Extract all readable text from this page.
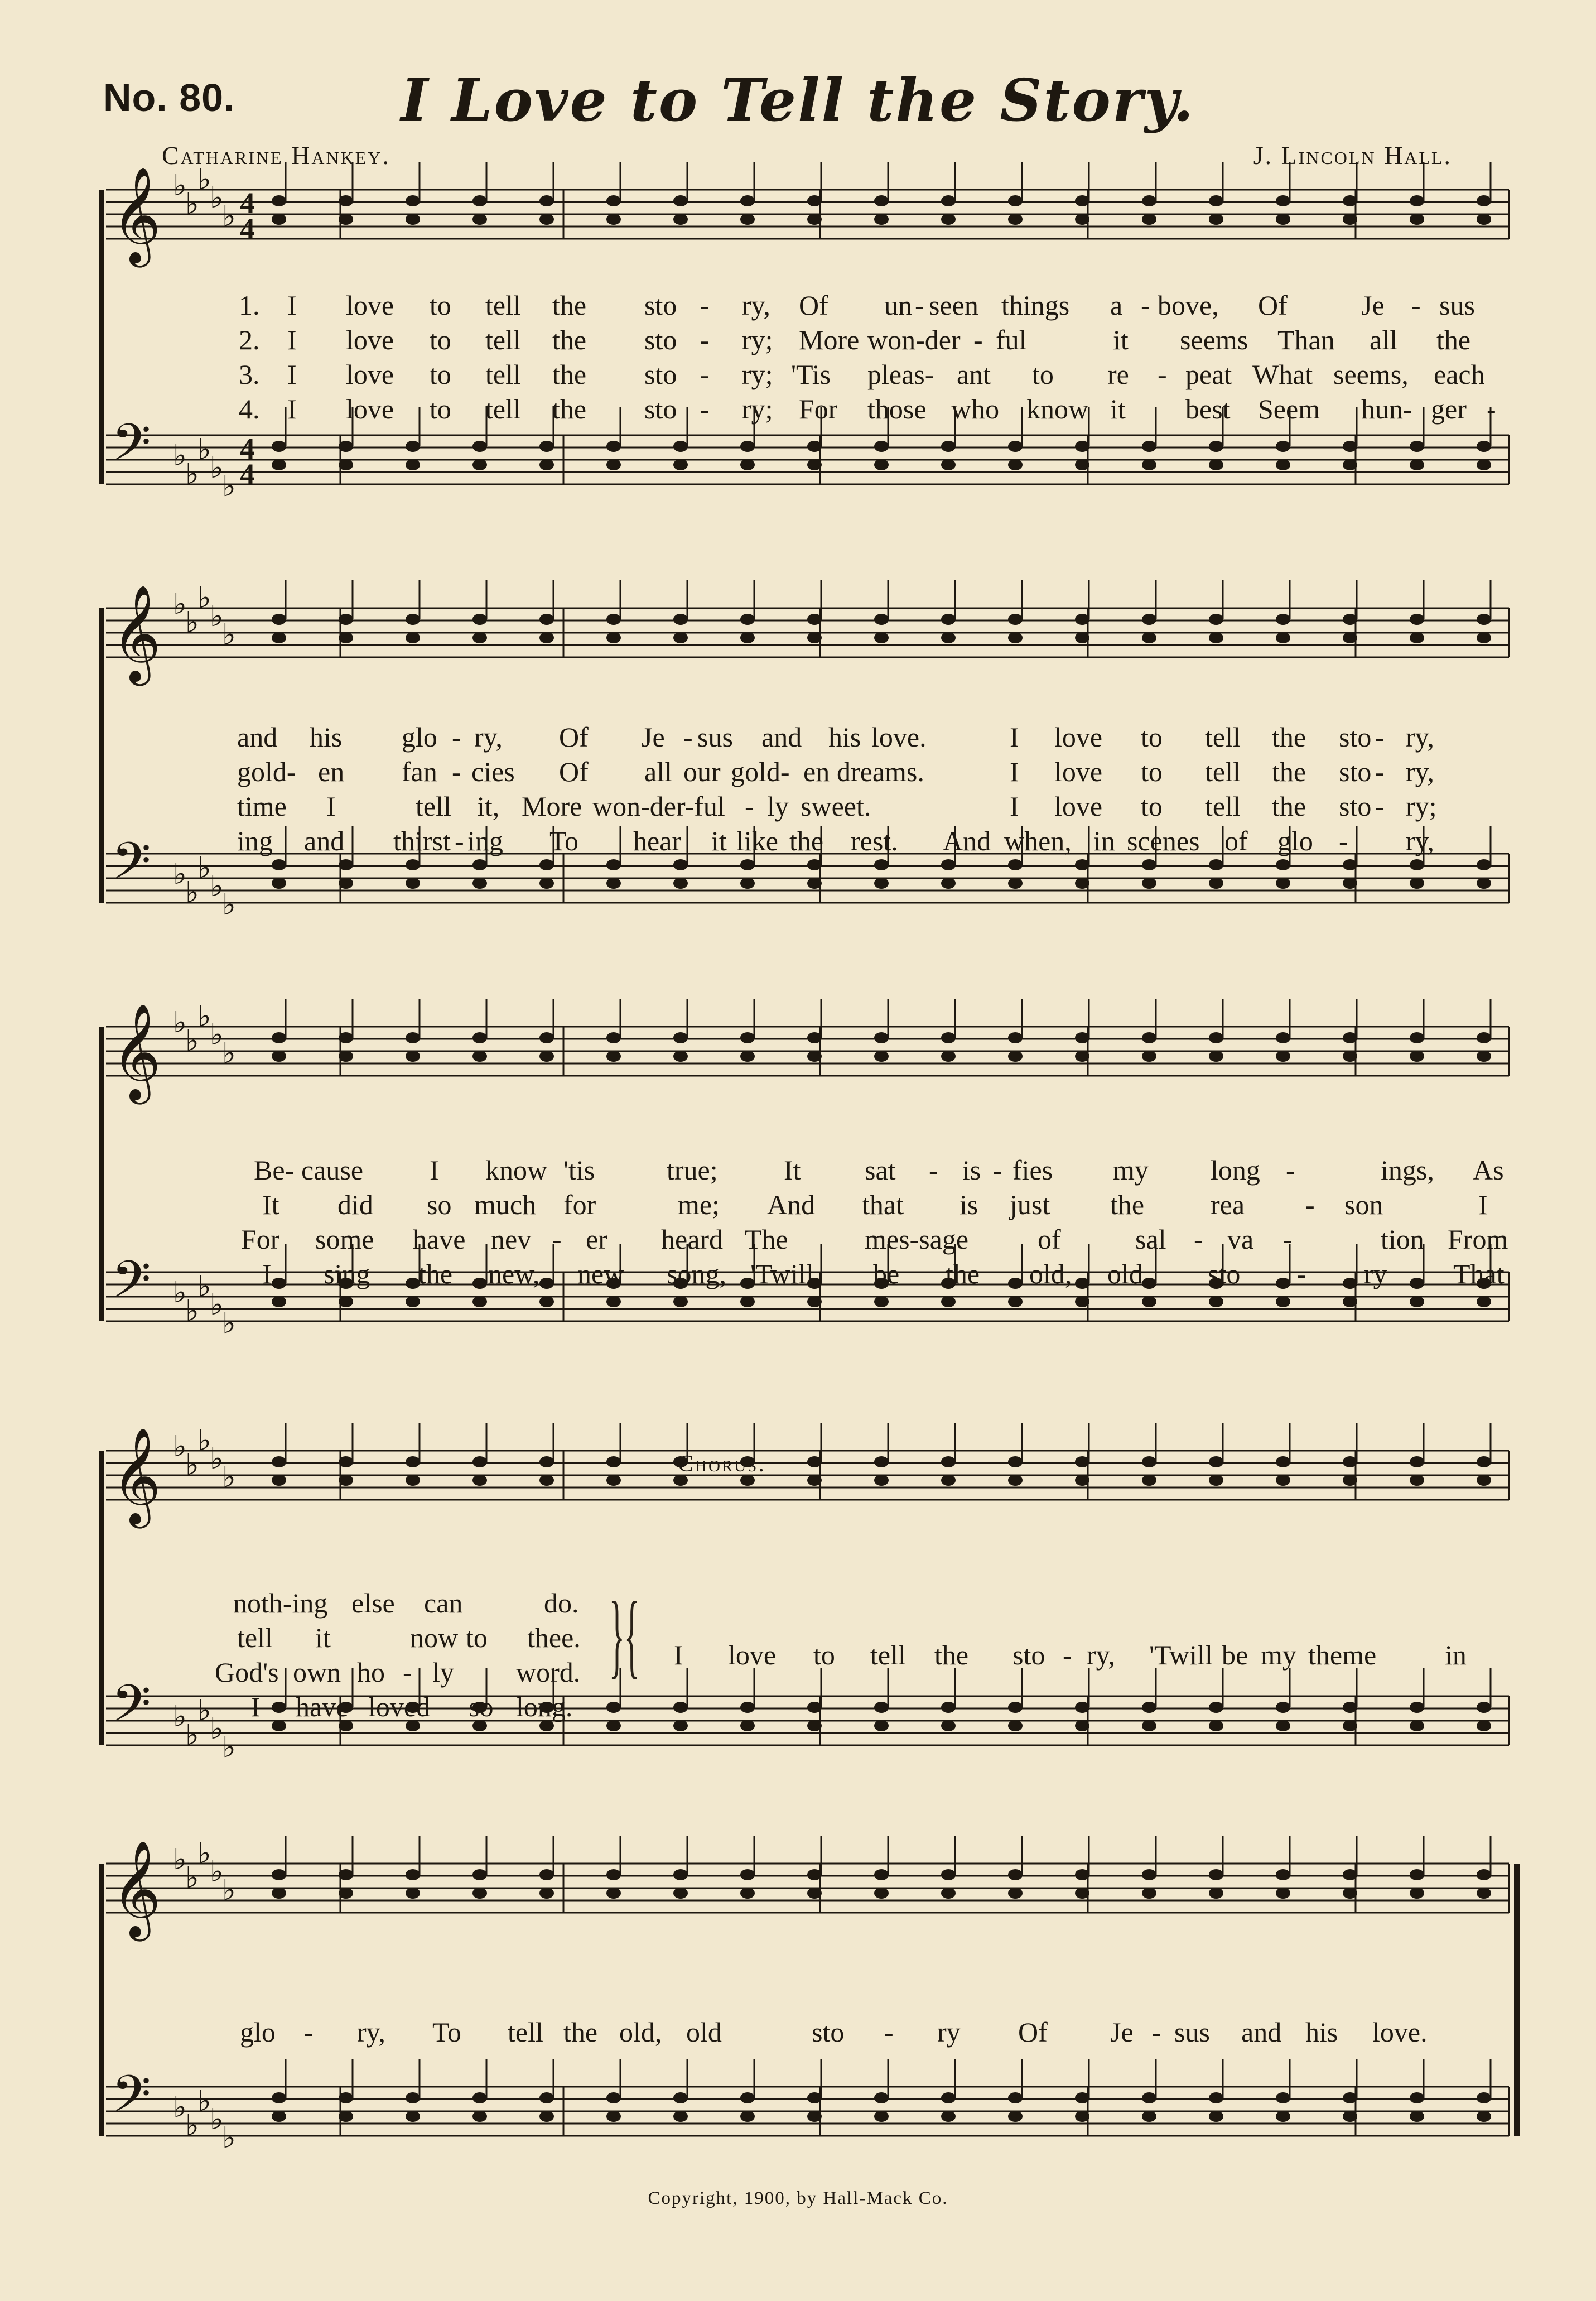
No. 80.	I Love to Tell the Story.
Catharine Hankey.	J. Lincoln Hall.
𝄞 ♭
♭
♭
♭
♭ 4
4
𝄢 ♭
♭
♭
♭
♭
4
4
𝄞 ♭
♭
♭
♭
♭
𝄢 ♭
♭
♭
♭
♭
𝄞 ♭
♭
♭
♭
♭
𝄢 ♭
♭
♭
♭
♭
𝄞 ♭
♭
♭
♭
♭
𝄢 ♭
♭
♭
♭
♭
𝄞 ♭
♭
♭
♭
♭
𝄢 ♭
♭
♭
♭
♭
1. I love to tell the sto - ry, Of un - seen things a - bove, Of	Je - sus
2. I love to tell the sto - ry; More won-der - ful	it seems Than all the
3. I love to tell the sto - ry; 'Tis pleas- ant to re - peat What seems, each
4. I love to tell the sto - ry; For those who know it best Seem hun- ger -
and his glo - ry, Of Je - sus and his love.	I love to tell the sto - ry,
gold- en fan - cies Of all our gold- en dreams.	I love to tell the sto - ry,
time I	tell it, More won-der-ful - ly sweet.	I love to tell the sto - ry;
ing and thirst - ing To hear it like the rest. And when, in scenes of glo - ry,
Be- cause I know 'tis	true; It sat - is - fies my long -	ings, As
It did so much for	me; And that is just the rea - son	I
For some have nev - er heard The	mes-sage of	sal - va -	tion From
I sing the new, new song, 'Twill be the old, old sto - ry That
noth-ing else can	do.
tell it	now to thee.
God's own ho - ly word.
I have loved so long.
}
{ I love to tell the sto - ry, 'Twill be my theme in
Chorus.
glo - ry, To tell the old, old	sto - ry Of Je - sus and his love.
Copyright, 1900, by Hall-Mack Co.
